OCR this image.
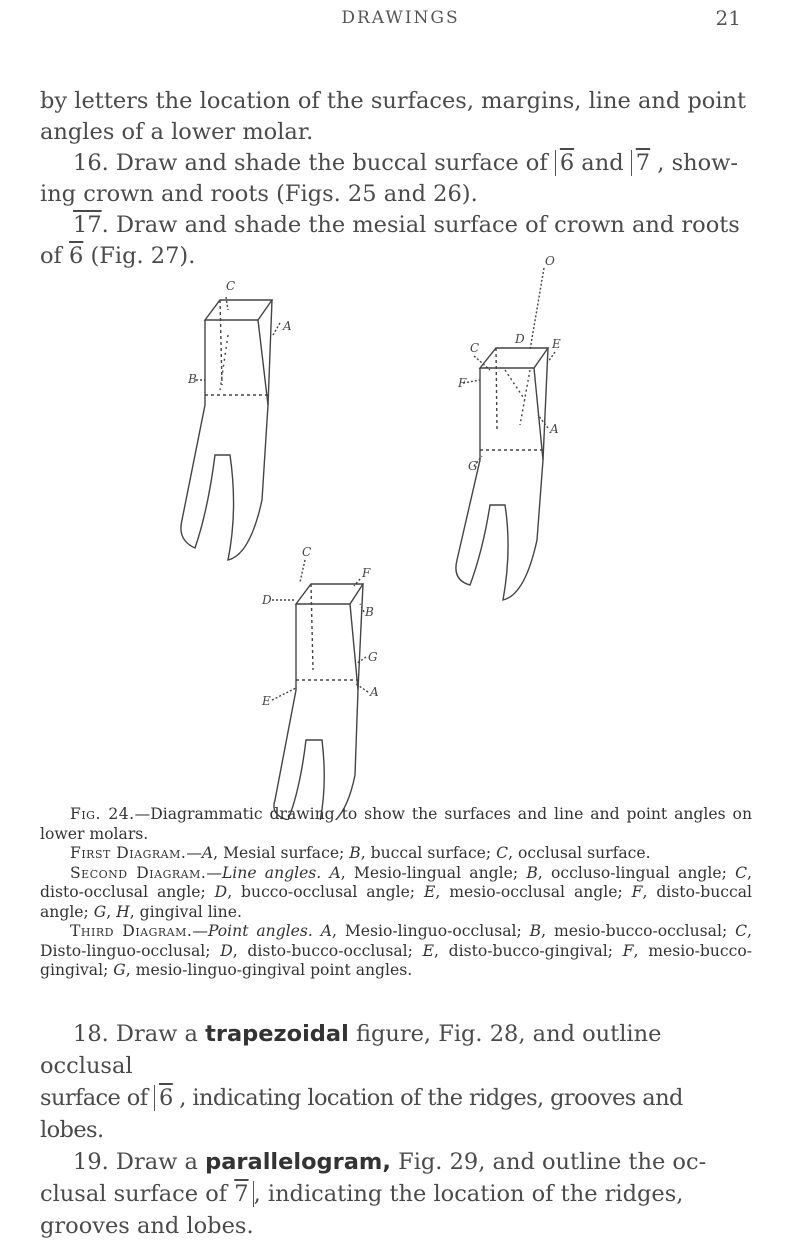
DRAWINGS	21

by letters the location of the surfaces, margins, line and point
angles of a lower molar.

16. Draw and shade the buccal surface of 6 and 7 , show-
ing crown and roots (Figs. 25 and 26).

17. Draw and shade the mesial surface of crown and roots
of 6 (Fig. 27).

C
A
B
C
D E
F
O
A
G
C
F
D
B
G
E
A

Fig. 24.—Diagrammatic drawing to show the surfaces and line and point angles on lower molars.

First Diagram.—A, Mesial surface; B, buccal surface; C, occlusal surface.

Second Diagram.—Line angles. A, Mesio-lingual angle; B, occluso-lingual angle; C, disto-occlusal angle; D, bucco-occlusal angle; E, mesio-occlusal angle; F, disto-buccal angle; G, H, gingival line.

Third Diagram.—Point angles. A, Mesio-linguo-occlusal; B, mesio-bucco-occlusal; C, Disto-linguo-occlusal; D, disto-bucco-occlusal; E, disto-bucco-gingival; F, mesio-bucco-gingival; G, mesio-linguo-gingival point angles.

18. Draw a trapezoidal figure, Fig. 28, and outline occlusal
surface of 6 , indicating location of the ridges, grooves and lobes.

19. Draw a parallelogram, Fig. 29, and outline the oc-
clusal surface of 7 , indicating the location of the ridges,
grooves and lobes.
